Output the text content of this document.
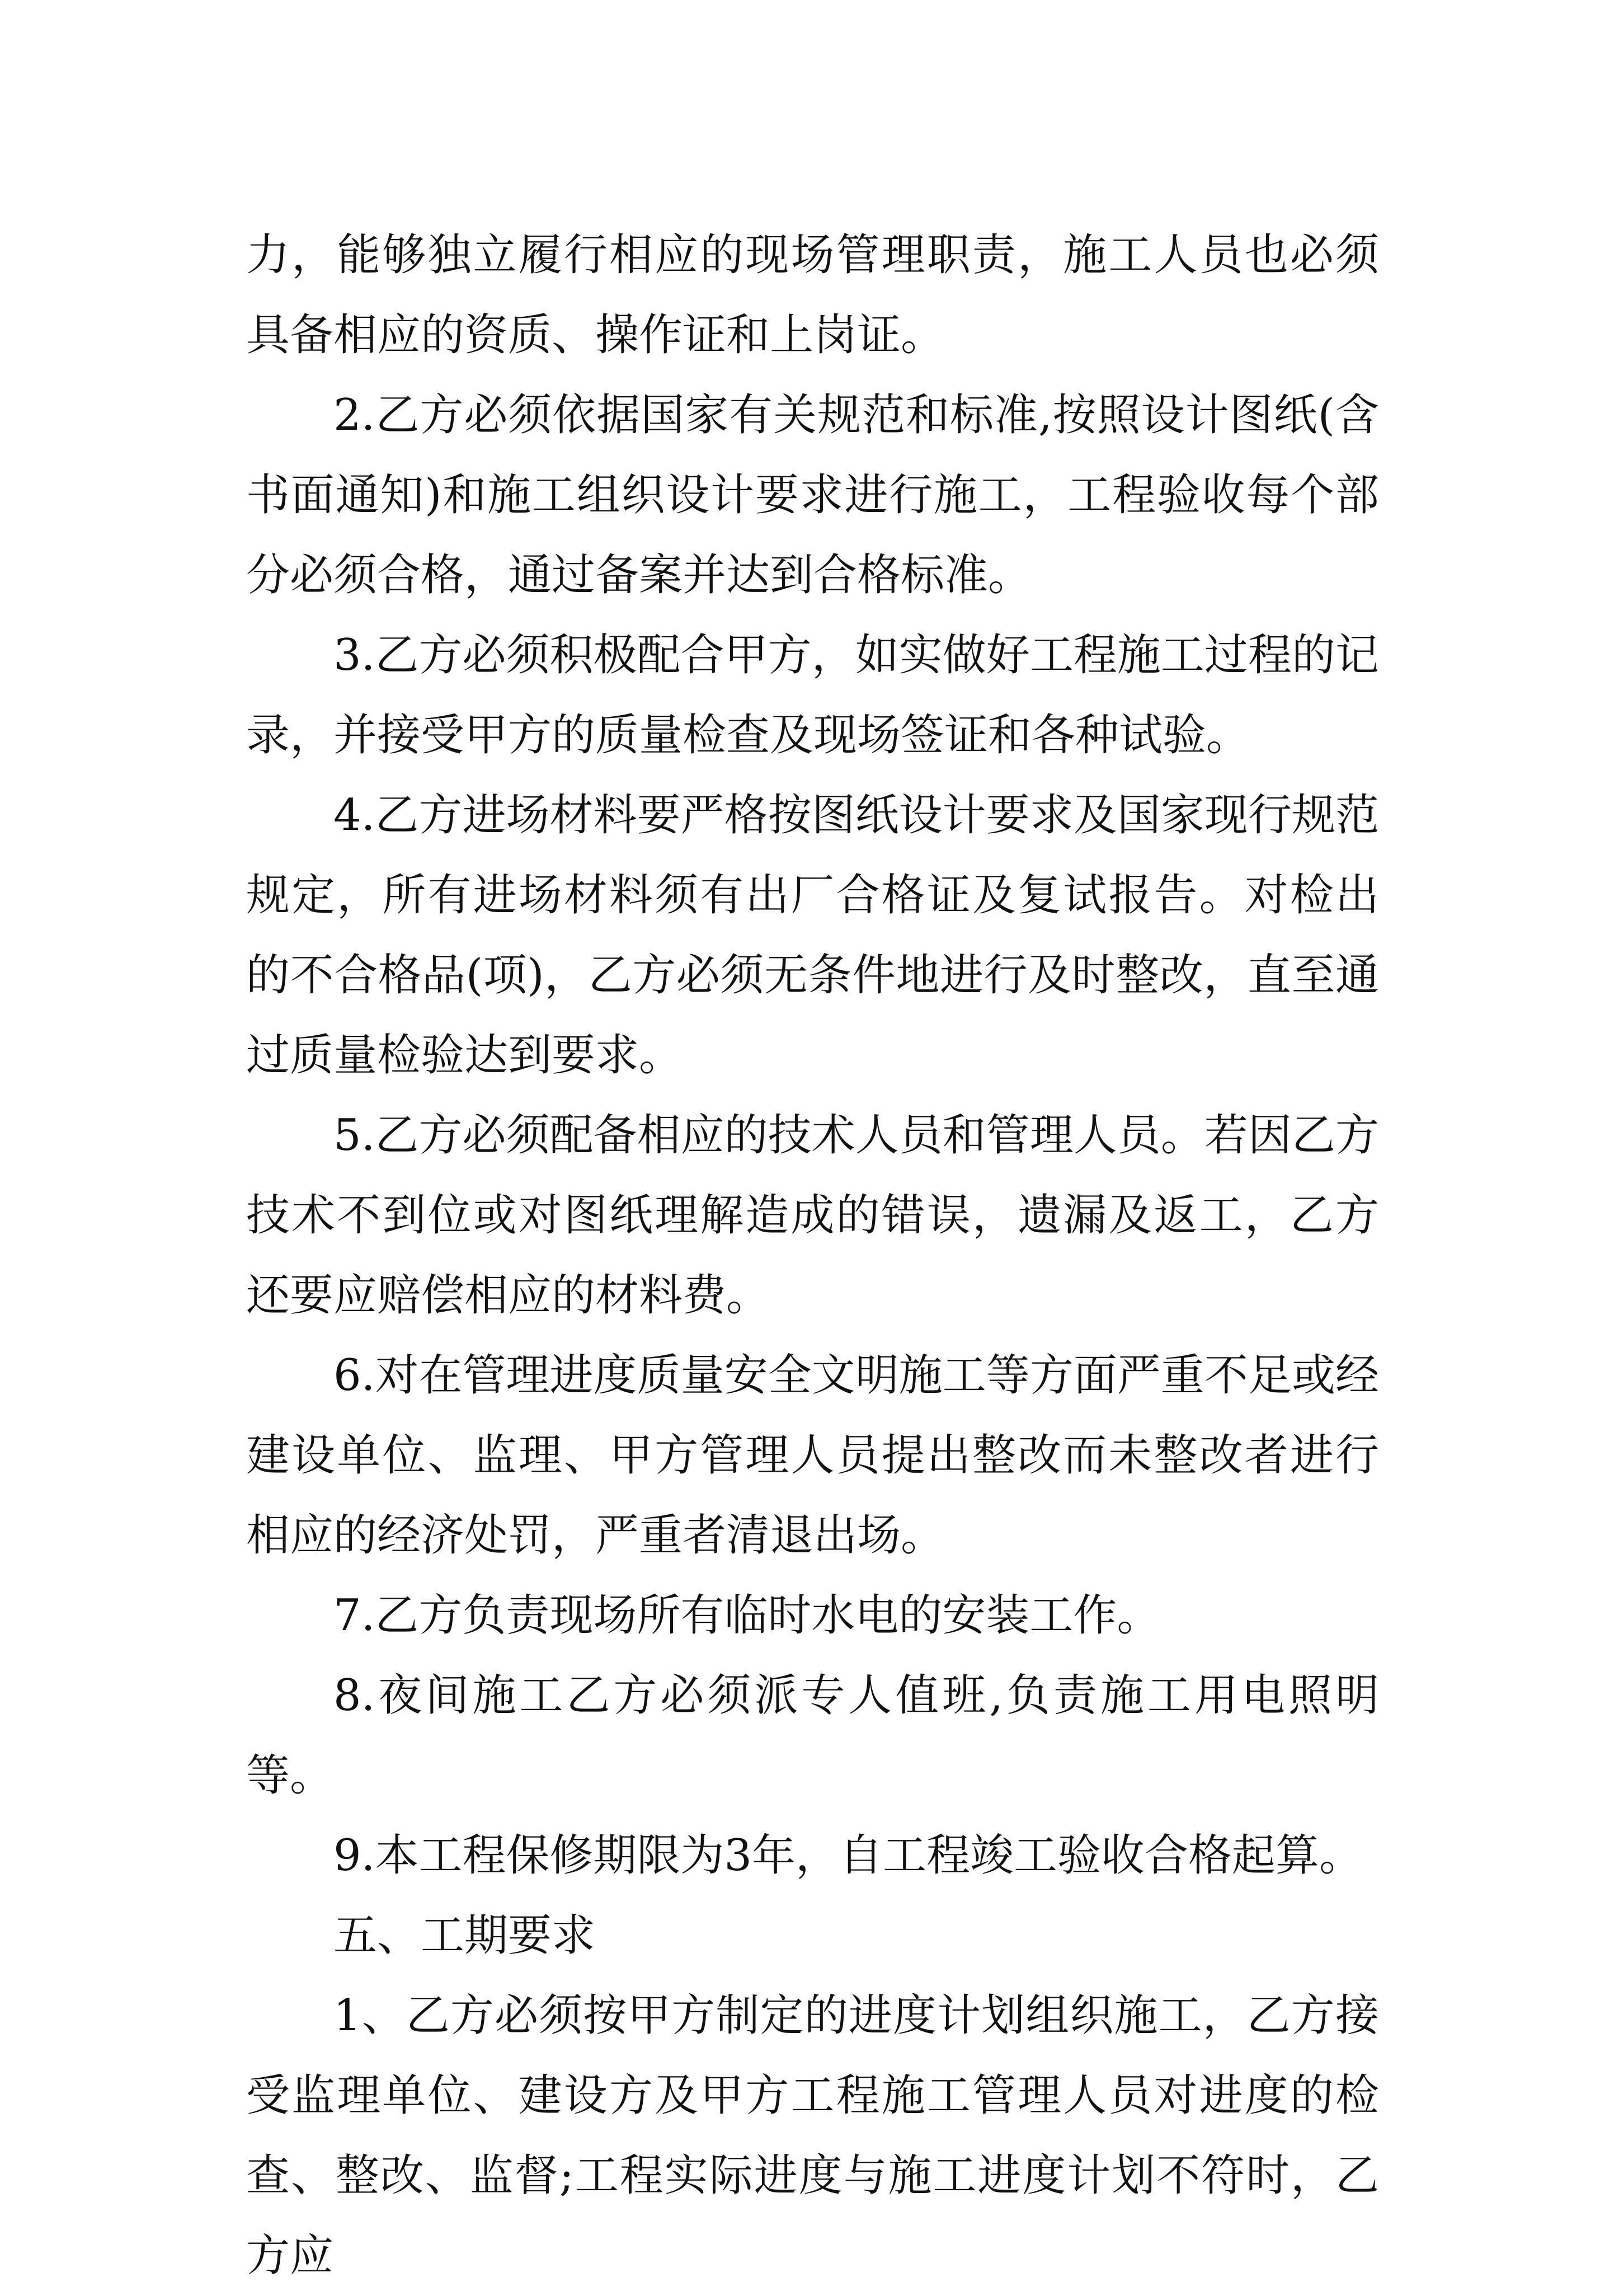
力，能够独立履行相应的现场管理职责，施工人员也必须具备相应的资质、操作证和上岗证。

2.乙方必须依据国家有关规范和标准,按照设计图纸(含书面通知)和施工组织设计要求进行施工，工程验收每个部分必须合格，通过备案并达到合格标准。

3.乙方必须积极配合甲方，如实做好工程施工过程的记录，并接受甲方的质量检查及现场签证和各种试验。

4.乙方进场材料要严格按图纸设计要求及国家现行规范规定，所有进场材料须有出厂合格证及复试报告。对检出的不合格品(项)，乙方必须无条件地进行及时整改，直至通过质量检验达到要求。

5.乙方必须配备相应的技术人员和管理人员。若因乙方技术不到位或对图纸理解造成的错误，遗漏及返工，乙方还要应赔偿相应的材料费。

6.对在管理进度质量安全文明施工等方面严重不足或经建设单位、监理、甲方管理人员提出整改而未整改者进行相应的经济处罚，严重者清退出场。

7.乙方负责现场所有临时水电的安装工作。

8.夜间施工乙方必须派专人值班,负责施工用电照明等。

9.本工程保修期限为3年，自工程竣工验收合格起算。

五、工期要求

1、乙方必须按甲方制定的进度计划组织施工，乙方接受监理单位、建设方及甲方工程施工管理人员对进度的检查、整改、监督;工程实际进度与施工进度计划不符时，乙方应
